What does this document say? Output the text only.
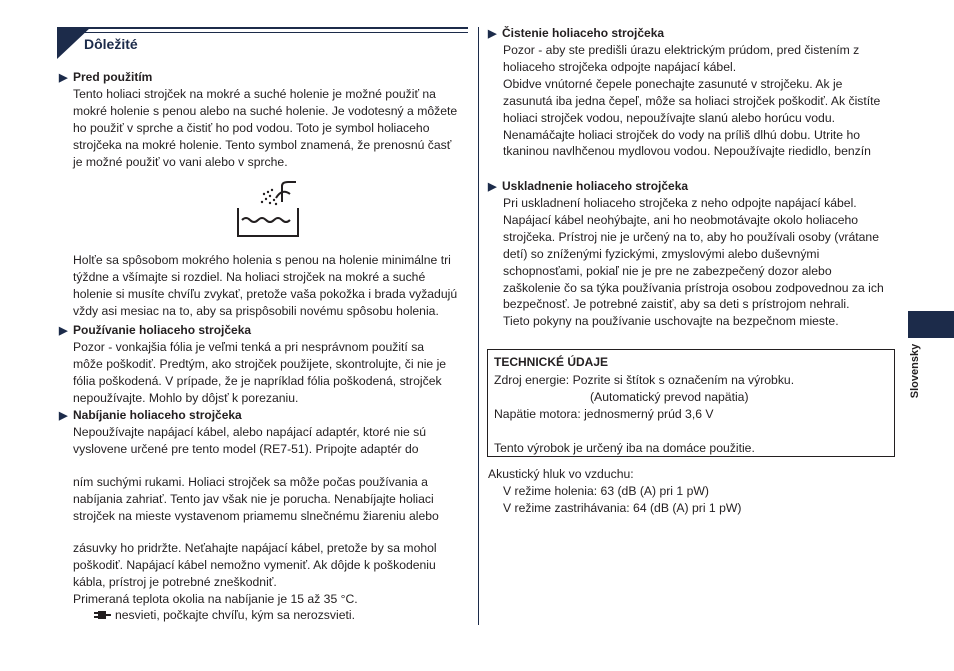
Dôležité
▶ Pred použitím

Tento holiaci strojček na mokré a suché holenie je možné použiť na

mokré holenie s penou alebo na suché holenie. Je vodotesný a môžete

ho použiť v sprche a čistiť ho pod vodou. Toto je symbol holiaceho

strojčeka na mokré holenie. Tento symbol znamená, že prenosnú časť

je možné použiť vo vani alebo v sprche.

Holťe sa spôsobom mokrého holenia s penou na holenie minimálne tri

týždne a všímajte si rozdiel. Na holiaci strojček na mokré a suché

holenie si musíte chvíľu zvykať, pretože vaša pokožka i brada vyžadujú

vždy asi mesiac na to, aby sa prispôsobili novému spôsobu holenia.

▶ Používanie holiaceho strojčeka

Pozor - vonkajšia fólia je veľmi tenká a pri nesprávnom použití sa

môže poškodiť. Predtým, ako strojček použijete, skontrolujte, či nie je

fólia poškodená. V prípade, že je napríklad fólia poškodená, strojček

nepoužívajte. Mohlo by dôjsť k porezaniu.

▶ Nabíjanie holiaceho strojčeka

Nepoužívajte napájací kábel, alebo napájací adaptér, ktoré nie sú

vyslovene určené pre tento model (RE7-51). Pripojte adaptér do

ním suchými rukami. Holiaci strojček sa môže počas používania a

nabíjania zahriať. Tento jav však nie je porucha. Nenabíjajte holiaci

strojček na mieste vystavenom priamemu slnečnému žiareniu alebo

zásuvky ho pridržte. Neťahajte napájací kábel, pretože by sa mohol

poškodiť. Napájací kábel nemožno vymeniť. Ak dôjde k poškodeniu

kábla, prístroj je potrebné zneškodniť.

Primeraná teplota okolia na nabíjanie je 15 až 35 °C.

nesvieti, počkajte chvíľu, kým sa nerozsvieti.
▶ Čistenie holiaceho strojčeka

Pozor - aby ste predišli úrazu elektrickým prúdom, pred čistením z

holiaceho strojčeka odpojte napájací kábel.

Obidve vnútorné čepele ponechajte zasunuté v strojčeku. Ak je

zasunutá iba jedna čepeľ, môže sa holiaci strojček poškodiť. Ak čistíte

holiaci strojček vodou, nepoužívajte slanú alebo horúcu vodu.

Nenamáčajte holiaci strojček do vody na príliš dlhú dobu. Utrite ho

tkaninou navlhčenou mydlovou vodou. Nepoužívajte riedidlo, benzín

▶ Uskladnenie holiaceho strojčeka

Pri uskladnení holiaceho strojčeka z neho odpojte napájací kábel.

Napájací kábel neohýbajte, ani ho neobmotávajte okolo holiaceho

strojčeka. Prístroj nie je určený na to, aby ho používali osoby (vrátane

detí) so zníženými fyzickými, zmyslovými alebo duševnými

schopnosťami, pokiaľ nie je pre ne zabezpečený dozor alebo

zaškolenie čo sa týka používania prístroja osobou zodpovednou za ich

bezpečnosť. Je potrebné zaistiť, aby sa deti s prístrojom nehrali.

Tieto pokyny na používanie uschovajte na bezpečnom mieste.

TECHNICKÉ ÚDAJE

Zdroj energie: Pozrite si štítok s označením na výrobku.

(Automatický prevod napätia)

Napätie motora: jednosmerný prúd 3,6 V

Tento výrobok je určený iba na domáce použitie.

Akustický hluk vo vzduchu:

V režime holenia: 63 (dB (A) pri 1 pW)

V režime zastrihávania: 64 (dB (A) pri 1 pW)

Slovensky
